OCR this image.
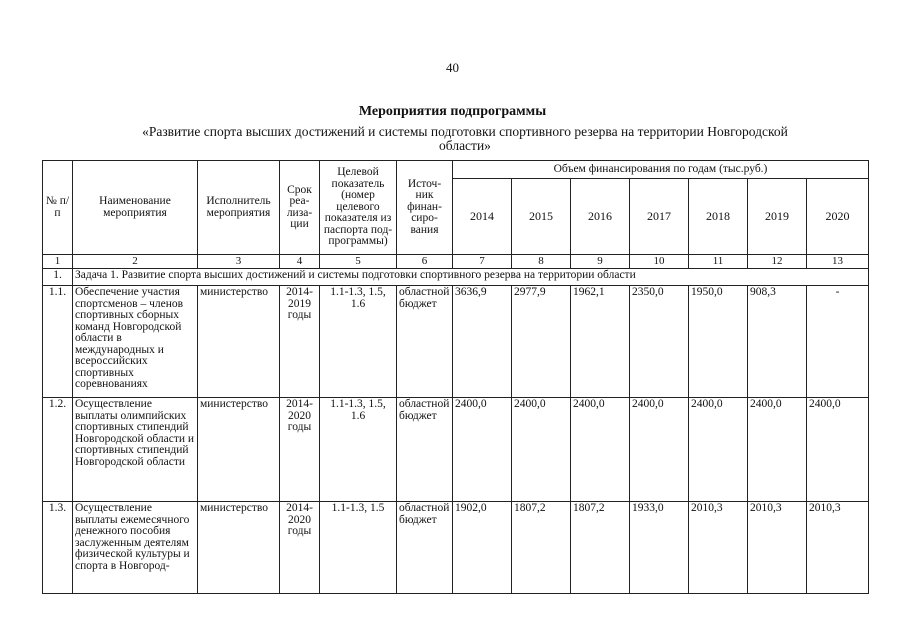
40
Мероприятия подпрограммы
«Развитие спорта высших достижений и системы подготовки спортивного резерва на территории Новгородской области»
№ п/п	Наименование мероприятия	Исполнитель мероприятия	Срок реа-лиза-ции	Целевой показатель (номер целевого показателя из паспорта под-программы)	Источ-ник финан-сиро-вания	Объем финансирования по годам (тыс.руб.)						
						2014	2015	2016	2017	2018	2019	2020
1	2	3	4	5	6	7	8	9	10	11	12	13
1.	Задача 1. Развитие спорта высших достижений и системы подготовки спортивного резерва на территории области											
1.1.	Обеспечение участия спортсменов – членов спортивных сборных команд Новгородской области в международных и всероссийских спортивных соревнованиях	министерство	2014-2019 годы	1.1-1.3, 1.5, 1.6	областной бюджет	3636,9	2977,9	1962,1	2350,0	1950,0	908,3	-
1.2.	Осуществление выплаты олимпийских спортивных стипендий Новгородской области и спортивных стипендий Новгородской области	министерство	2014-2020 годы	1.1-1.3, 1.5, 1.6	областной бюджет	2400,0	2400,0	2400,0	2400,0	2400,0	2400,0	2400,0
1.3.	Осуществление выплаты ежемесячного денежного пособия заслуженным деятелям физической культуры и спорта в Новгород-	министерство	2014-2020 годы	1.1-1.3, 1.5	областной бюджет	1902,0	1807,2	1807,2	1933,0	2010,3	2010,3	2010,3
